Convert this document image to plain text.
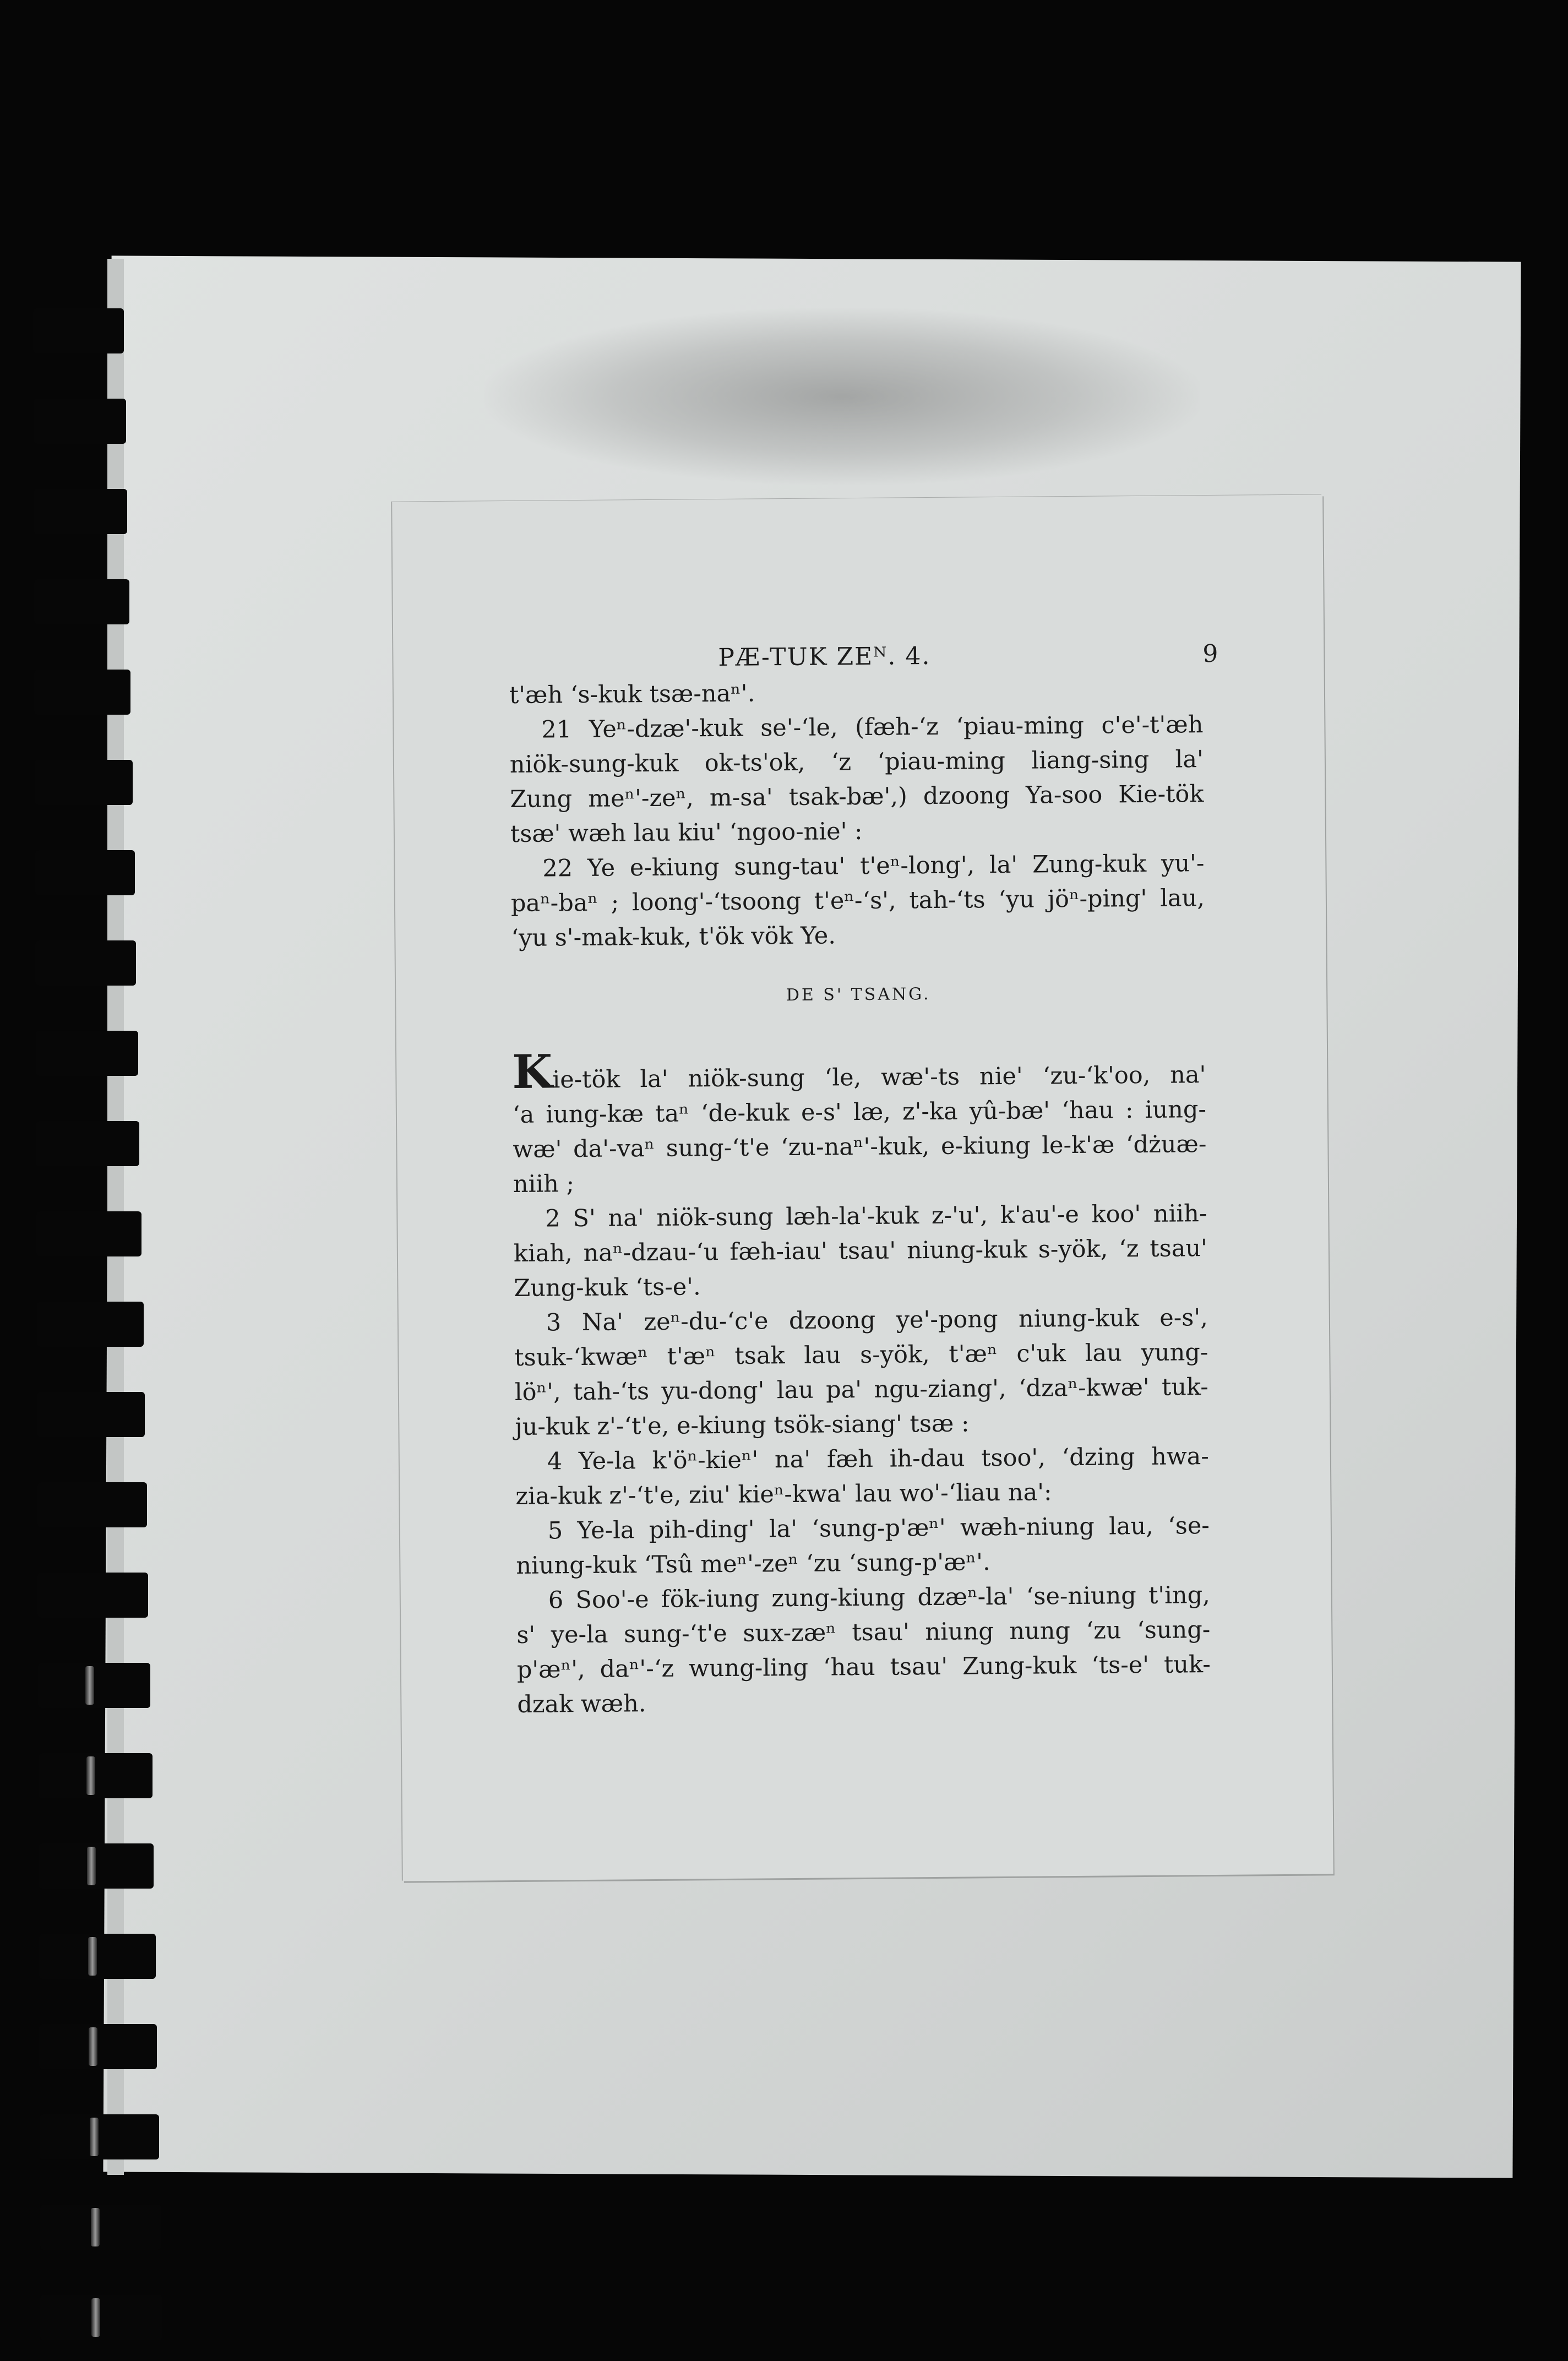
PÆ-TUK ZEᴺ. 4.	9
t'æh ʻs-kuk tsæ-naⁿ'.
21 Yeⁿ-dzæ'-kuk se'-ʻle, (fæh-ʻz ʻpiau-ming c'e'-t'æh
niök-sung-kuk ok-ts'ok, ʻz ʻpiau-ming liang-sing la'
Zung meⁿ'-zeⁿ, m-sa' tsak-bæ',) dzoong Ya-soo Kie-tök
tsæ' wæh lau kiu' ʻngoo-nie' :
22 Ye e-kiung sung-tau' t'eⁿ-long', la' Zung-kuk yu'-
paⁿ-baⁿ ; loong'-ʻtsoong t'eⁿ-ʻs', tah-ʻts ʻyu jöⁿ-ping' lau,
ʻyu s'-mak-kuk, t'ök vök Ye.
DE S' TSANG.
Kie-tök la' niök-sung ʻle, wæ'-ts nie' ʻzu-ʻk'oo, na'
ʻa iung-kæ taⁿ ʻde-kuk e-s' læ, z'-ka yû-bæ' ʻhau : iung-
wæ' da'-vaⁿ sung-ʻt'e ʻzu-naⁿ'-kuk, e-kiung le-k'æ ʻdżuæ-
niih ;
2 S' na' niök-sung læh-la'-kuk z-'u', k'au'-e koo' niih-
kiah, naⁿ-dzau-ʻu fæh-iau' tsau' niung-kuk s-yök, ʻz tsau'
Zung-kuk ʻts-e'.
3 Na' zeⁿ-du-ʻc'e dzoong ye'-pong niung-kuk e-s',
tsuk-ʻkwæⁿ t'æⁿ tsak lau s-yök, t'æⁿ c'uk lau yung-
löⁿ', tah-ʻts yu-dong' lau pa' ngu-ziang', ʻdzaⁿ-kwæ' tuk-
ju-kuk z'-ʻt'e, e-kiung tsök-siang' tsæ :
4 Ye-la k'öⁿ-kieⁿ' na' fæh ih-dau tsoo', ʻdzing hwa-
zia-kuk z'-ʻt'e, ziu' kieⁿ-kwa' lau wo'-ʻliau na':
5 Ye-la pih-ding' la' ʻsung-p'æⁿ' wæh-niung lau, ʻse-
niung-kuk ʻTsû meⁿ'-zeⁿ ʻzu ʻsung-p'æⁿ'.
6 Soo'-e fök-iung zung-kiung dzæⁿ-la' ʻse-niung t'ing,
s' ye-la sung-ʻt'e sux-zæⁿ tsau' niung nung ʻzu ʻsung-
p'æⁿ', daⁿ'-ʻz wung-ling ʻhau tsau' Zung-kuk ʻts-e' tuk-
dzak wæh.
